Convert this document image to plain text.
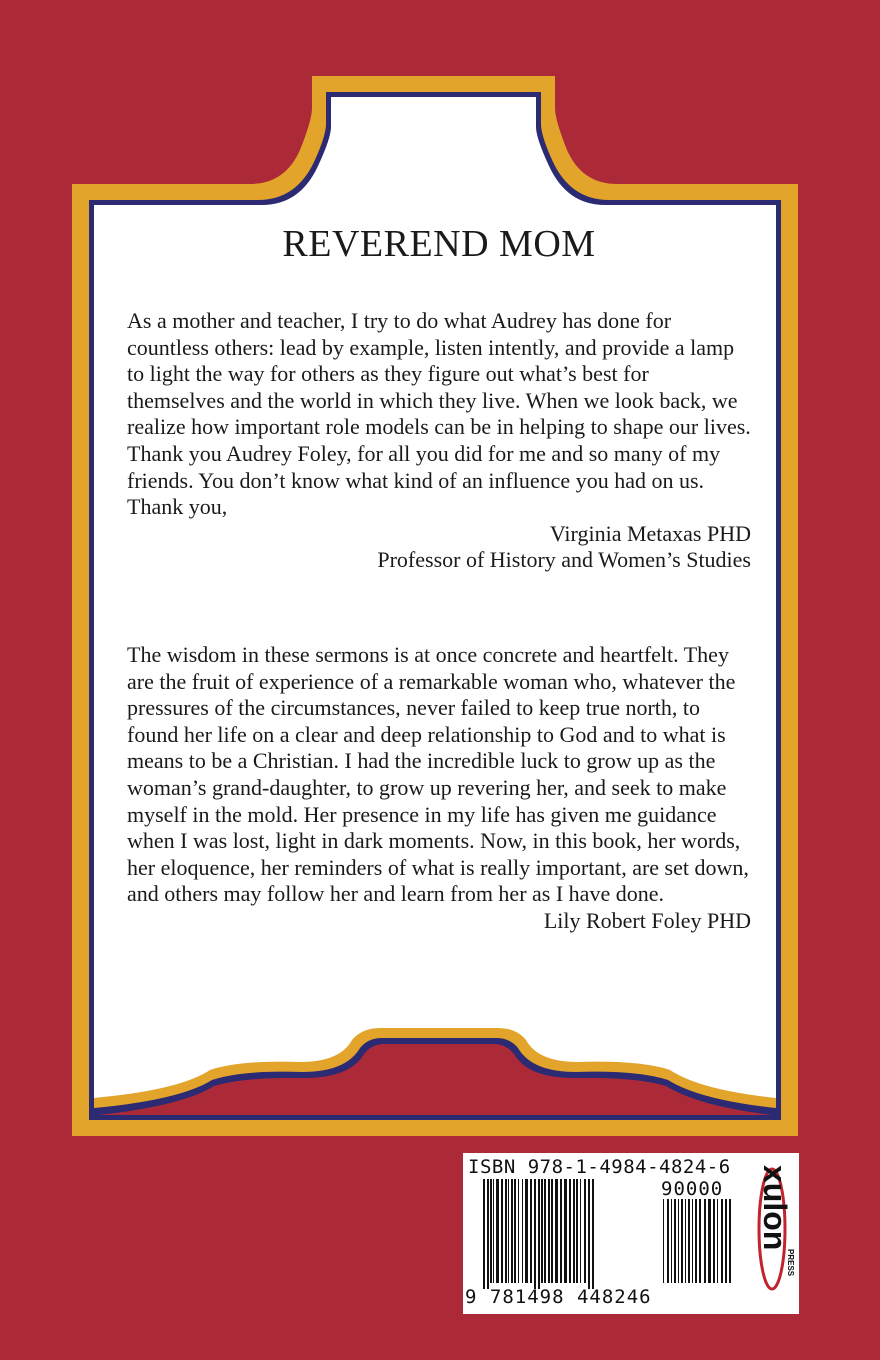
REVEREND MOM

As a mother and teacher, I try to do what Audrey has done for countless others: lead by example, listen intently, and provide a lamp to light the way for others as they figure out what’s best for themselves and the world in which they live. When we look back, we realize how important role models can be in helping to shape our lives. Thank you Audrey Foley, for all you did for me and so many of my friends. You don’t know what kind of an influence you had on us.

Thank you,

Virginia Metaxas PHD

Professor of History and Women’s Studies

The wisdom in these sermons is at once concrete and heartfelt. They are the fruit of experience of a remarkable woman who, whatever the pressures of the circumstances, never failed to keep true north, to found her life on a clear and deep relationship to God and to what is means to be a Christian. I had the incredible luck to grow up as the woman’s grand-daughter, to grow up revering her, and seek to make myself in the mold. Her presence in my life has given me guidance when I was lost, light in dark moments. Now, in this book, her words, her eloquence, her reminders of what is really important, are set down, and others may follow her and learn from her as I have done.

Lily Robert Foley PHD

ISBN 978-1-4984-4824-6
90000
9 781498 448246
xulon
PRESS
